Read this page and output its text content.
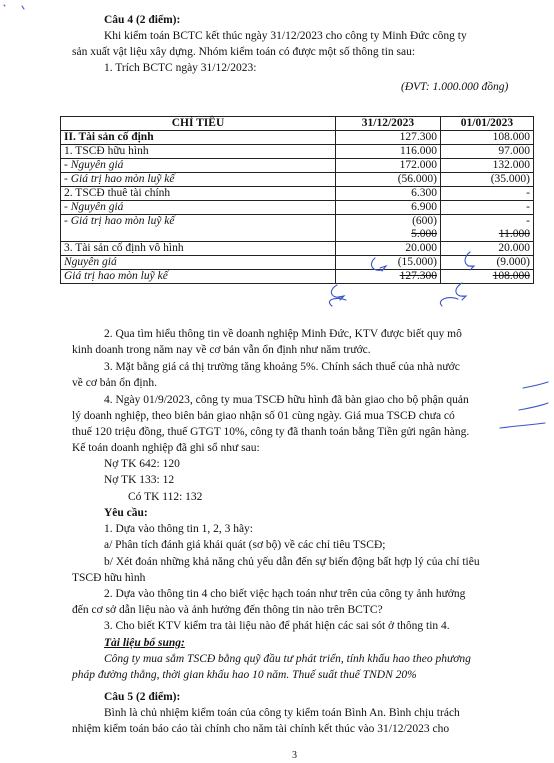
Câu 4 (2 điểm):
Khi kiểm toán BCTC kết thúc ngày 31/12/2023 cho công ty Minh Đức công ty
sản xuất vật liệu xây dựng. Nhóm kiểm toán có được một số thông tin sau:
1. Trích BCTC ngày 31/12/2023:
(ĐVT: 1.000.000 đồng)
CHỈ TIÊU	31/12/2023	01/01/2023
II. Tài sản cố định	127.300	108.000
1. TSCĐ hữu hình	116.000	97.000
- Nguyên giá	172.000	132.000
- Giá trị hao mòn luỹ kế	(56.000)	(35.000)
2. TSCĐ thuê tài chính	6.300	-
- Nguyên giá	6.900	-
- Giá trị hao mòn luỹ kế	(600)	-
	5.000	11.000
3. Tài sản cố định vô hình	20.000	20.000
Nguyên giá	(15.000)	(9.000)
Giá trị hao mòn luỹ kế	127.300	108.000
2. Qua tìm hiểu thông tin về doanh nghiệp Minh Đức, KTV được biết quy mô
kinh doanh trong năm nay về cơ bản vẫn ổn định như năm trước.
3. Mặt bằng giá cả thị trường tăng khoảng 5%. Chính sách thuế của nhà nước
về cơ bản ổn định.
4. Ngày 01/9/2023, công ty mua TSCĐ hữu hình đã bàn giao cho bộ phận quản
lý doanh nghiệp, theo biên bản giao nhận số 01 cùng ngày. Giá mua TSCĐ chưa có
thuế 120 triệu đồng, thuế GTGT 10%, công ty đã thanh toán bằng Tiền gửi ngân hàng.
Kế toán doanh nghiệp đã ghi sổ như sau:
Nợ TK 642: 120
Nợ TK 133: 12
Có TK 112: 132
Yêu cầu:
1. Dựa vào thông tin 1, 2, 3 hãy:
a/ Phân tích đánh giá khái quát (sơ bộ) về các chỉ tiêu TSCĐ;
b/ Xét đoán những khả năng chủ yếu dẫn đến sự biến động bất hợp lý của chỉ tiêu
TSCĐ hữu hình
2. Dựa vào thông tin 4 cho biết việc hạch toán như trên của công ty ảnh hưởng
đến cơ sở dẫn liệu nào và ảnh hưởng đến thông tin nào trên BCTC?
3. Cho biết KTV kiểm tra tài liệu nào để phát hiện các sai sót ở thông tin 4.
Tài liệu bổ sung:
Công ty mua sắm TSCĐ bằng quỹ đầu tư phát triển, tính khấu hao theo phương
pháp đường thẳng, thời gian khấu hao 10 năm. Thuế suất thuế TNDN 20%
Câu 5 (2 điểm):
Bình là chủ nhiệm kiểm toán của công ty kiểm toán Bình An. Bình chịu trách
nhiệm kiểm toán báo cáo tài chính cho năm tài chính kết thúc vào 31/12/2023 cho
3
